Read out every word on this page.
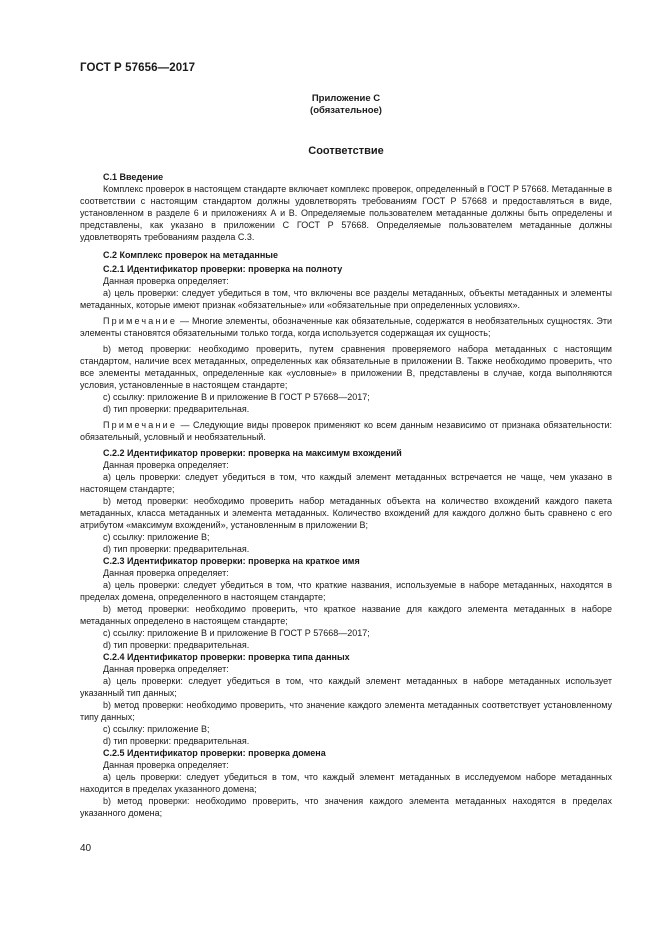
ГОСТ Р 57656—2017

Приложение С

(обязательное)

Соответствие

С.1 Введение

Комплекс проверок в настоящем стандарте включает комплекс проверок, определенный в ГОСТ Р 57668. Метаданные в соответствии с настоящим стандартом должны удовлетворять требованиям ГОСТ Р 57668 и предоставляться в виде, установленном в разделе 6 и приложениях А и В. Определяемые пользователем метаданные должны быть определены и представлены, как указано в приложении С ГОСТ Р 57668. Определяемые пользователем метаданные должны удовлетворять требованиям раздела С.3.

С.2 Комплекс проверок на метаданные

С.2.1 Идентификатор проверки: проверка на полноту

Данная проверка определяет:

а) цель проверки: следует убедиться в том, что включены все разделы метаданных, объекты метаданных и элементы метаданных, которые имеют признак «обязательные» или «обязательные при определенных условиях».

Примечание — Многие элементы, обозначенные как обязательные, содержатся в необязательных сущностях. Эти элементы становятся обязательными только тогда, когда используется содержащая их сущность;

b) метод проверки: необходимо проверить, путем сравнения проверяемого набора метаданных с настоящим стандартом, наличие всех метаданных, определенных как обязательные в приложении В. Также необходимо проверить, что все элементы метаданных, определенные как «условные» в приложении В, представлены в случае, когда выполняются условия, установленные в настоящем стандарте;

с) ссылку: приложение В и приложение В ГОСТ Р 57668—2017;

d) тип проверки: предварительная.

Примечание — Следующие виды проверок применяют ко всем данным независимо от признака обязательности: обязательный, условный и необязательный.

С.2.2 Идентификатор проверки: проверка на максимум вхождений

Данная проверка определяет:

а) цель проверки: следует убедиться в том, что каждый элемент метаданных встречается не чаще, чем указано в настоящем стандарте;

b) метод проверки: необходимо проверить набор метаданных объекта на количество вхождений каждого пакета метаданных, класса метаданных и элемента метаданных. Количество вхождений для каждого должно быть сравнено с его атрибутом «максимум вхождений», установленным в приложении В;

с) ссылку: приложение В;

d) тип проверки: предварительная.

С.2.3 Идентификатор проверки: проверка на краткое имя

Данная проверка определяет:

а) цель проверки: следует убедиться в том, что краткие названия, используемые в наборе метаданных, находятся в пределах домена, определенного в настоящем стандарте;

b) метод проверки: необходимо проверить, что краткое название для каждого элемента метаданных в наборе метаданных определено в настоящем стандарте;

с) ссылку: приложение В и приложение В ГОСТ Р 57668—2017;

d) тип проверки: предварительная.

С.2.4 Идентификатор проверки: проверка типа данных

Данная проверка определяет:

а) цель проверки: следует убедиться в том, что каждый элемент метаданных в наборе метаданных использует указанный тип данных;

b) метод проверки: необходимо проверить, что значение каждого элемента метаданных соответствует установленному типу данных;

с) ссылку: приложение В;

d) тип проверки: предварительная.

С.2.5 Идентификатор проверки: проверка домена

Данная проверка определяет:

а) цель проверки: следует убедиться в том, что каждый элемент метаданных в исследуемом наборе метаданных находится в пределах указанного домена;

b) метод проверки: необходимо проверить, что значения каждого элемента метаданных находятся в пределах указанного домена;

40
